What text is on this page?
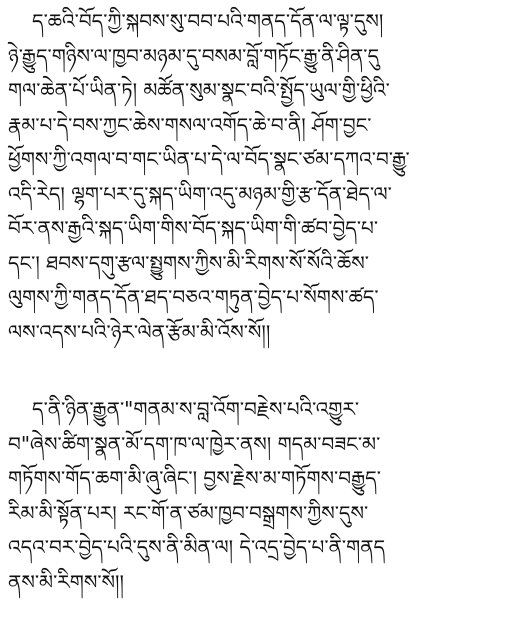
ད་ཆའི་བོད་ཀྱི་སྐབས་སུ་བབ་པའི་གནད་དོན་ལ་ལྟ་དུས།
ཉེ་རྒྱུད་གཉིས་ལ་ཁྱབ་མཉམ་དུ་བསམ་བློ་གཏོང་རྒྱུ་ནི་ཤིན་དུ
གལ་ཆེན་པོ་ཡིན་ཏེ། མཚོན་སུམ་སྣང་བའི་སྤྱོད་ཡུལ་གྱི་ཕྱིའི་
རྣམ་པ་དེ་བས་ཀྱང་ཆེས་གསལ་འགོད་ཆེ་བ་ནི། ཤོག་བྱང་
ཕྱོགས་ཀྱི་འགལ་བ་གང་ཡིན་པ་དེ་ལ་བོད་སྣང་ཙམ་དཀའ་བ་རྒྱུ་
འདི་རེད། ལྷག་པར་དུ་སྐད་ཡིག་འདུ་མཉམ་གྱི་རྩ་དོན་ཐེད་ལ་
བོར་ནས་རྒྱའི་སྐད་ཡིག་གིས་བོད་སྐད་ཡིག་གི་ཚབ་བྱེད་པ་
དང་། ཐབས་དགུ་རྩལ་སྤྱུགས་ཀྱིས་མི་རིགས་སོ་སོའི་ཆོས་
ལུགས་ཀྱི་གནད་དོན་ཐད་བཅའ་གཏུན་བྱེད་པ་སོགས་ཚད་
ལས་འདས་པའི་ཉེར་ལེན་རྩོམ་མི་འོས་སོ།།
ད་ནི་ཉིན་རྒྱུན་"གནམ་ས་བླ་འོག་བརྗེས་པའི་འགྱུར་
བ"ཞེས་ཚིག་སྣན་མོ་དག་ཁ་ལ་ཁྱེར་ནས། གདམ་བཟང་མ་
གཏོགས་གོད་ཆག་མི་ཞུ་ཞིང་། བྱས་རྗེས་མ་གཏོགས་བརྒྱུད་
རིམ་མི་སྟོན་པར། རང་གོ་ན་ཙམ་ཁྱབ་བསྒྲགས་ཀྱིས་དུས་
འདའ་བར་བྱེད་པའི་དུས་ནི་མིན་ལ། དེ་འདྲ་བྱེད་པ་ནི་གནད
ནས་མི་རིགས་སོ།།
